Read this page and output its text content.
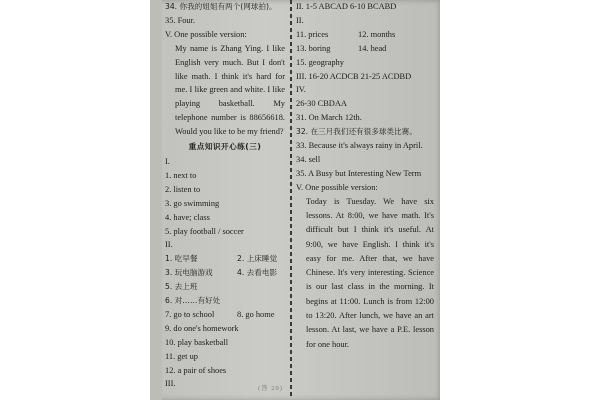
34. 你我的姐姐有两个(网球拍)。
35. Four.
V. One possible version:
My name is Zhang Ying. I like English very much. But I don't like math. I think it's hard for me. I like green and white. I like playing basketball. My telephone number is 88656618. Would you like to be my friend?
重点知识开心练(三)
I.
1. next to
2. listen to
3. go swimming
4. have; class
5. play football / soccer
II.
1. 吃早餐	2. 上床睡觉
3. 玩电脑游戏	4. 去看电影
5. 去上班
6. 对……有好处
7. go to school	8. go home
9. do one's homework
10. play basketball
11. get up
12. a pair of shoes
III.
II. 1-5 ABCAD 6-10 BCABD
II.
11. prices	12. months
13. boring	14. head
15. geography
III. 16-20 ACDCB 21-25 ACDBD
IV.
26-30 CBDAA
31. On March 12th.
32. 在三月我们还有很多球类比赛。
33. Because it's always rainy in April.
34. sell
35. A Busy but Interesting New Term
V. One possible version:
Today is Tuesday. We have six lessons. At 8:00, we have math. It's difficult but I think it's useful. At 9:00, we have English. I think it's easy for me. After that, we have Chinese. It's very interesting. Science is our last class in the morning. It begins at 11:00. Lunch is from 12:00 to 13:20. After lunch, we have an art lesson. At last, we have a P.E. lesson for one hour.
(答 20)
